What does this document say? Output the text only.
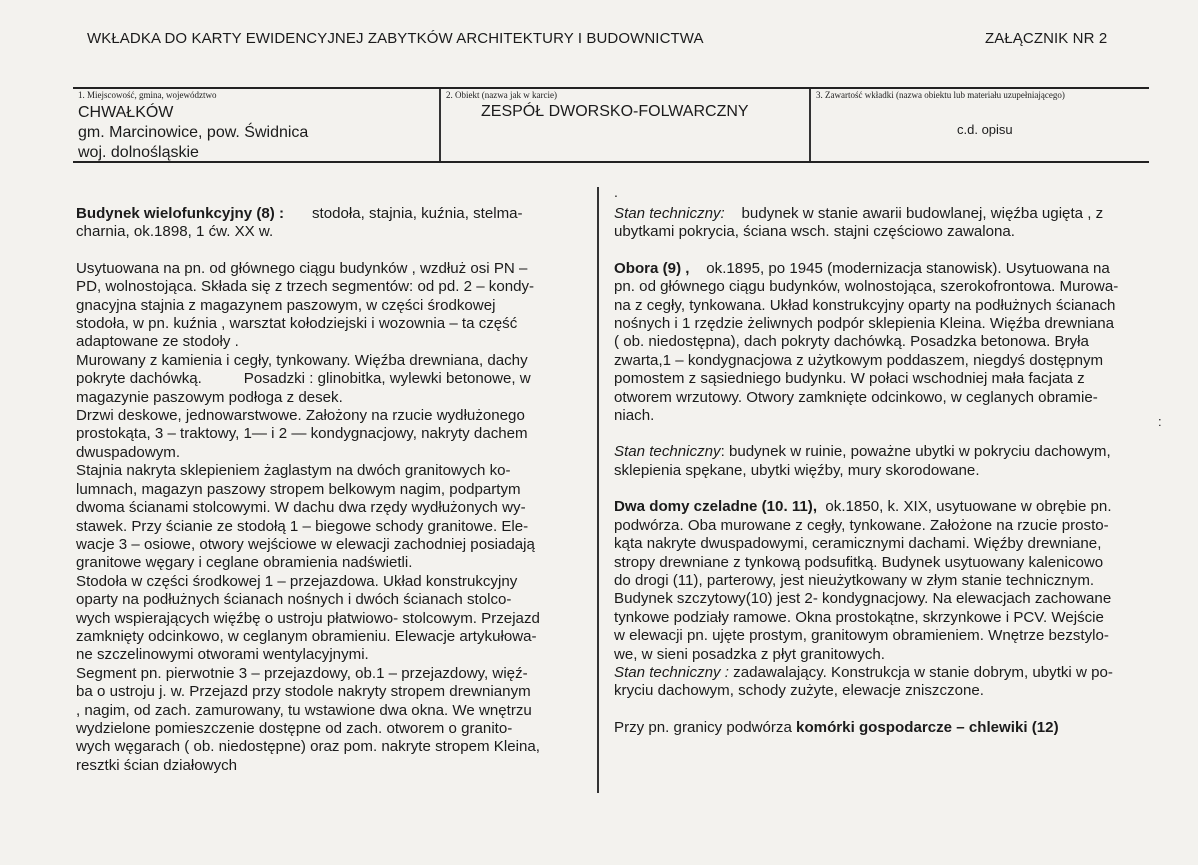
WKŁADKA DO KARTY EWIDENCYJNEJ ZABYTKÓW ARCHITEKTURY I BUDOWNICTWA	ZAŁĄCZNIK NR 2
1. Miejscowość, gmina, województwo
CHWAŁKÓW
gm. Marcinowice, pow. Świdnica
woj. dolnośląskie
2. Obiekt (nazwa jak w karcie)
ZESPÓŁ DWORSKO-FOLWARCZNY
3. Zawartość wkładki (nazwa obiektu lub materiału uzupełniającego)
c.d. opisu
.
:
Budynek wielofunkcyjny (8) : stodoła, stajnia, kuźnia, stelma-
charnia, ok.1898, 1 ćw. XX w.
Usytuowana na pn. od głównego ciągu budynków , wzdłuż osi PN –
PD, wolnostojąca. Składa się z trzech segmentów: od pd. 2 – kondy-
gnacyjna stajnia z magazynem paszowym, w części środkowej
stodoła, w pn. kuźnia , warsztat kołodziejski i wozownia – ta część
adaptowane ze stodoły .
Murowany z kamienia i cegły, tynkowany. Więźba drewniana, dachy
pokryte dachówką.          Posadzki : glinobitka, wylewki betonowe, w
magazynie paszowym podłoga z desek.
Drzwi deskowe, jednowarstwowe. Założony na rzucie wydłużonego
prostokąta, 3 – traktowy, 1— i 2 — kondygnacjowy, nakryty dachem
dwuspadowym.
Stajnia nakryta sklepieniem żaglastym na dwóch granitowych ko-
lumnach, magazyn paszowy stropem belkowym nagim, podpartym
dwoma ścianami stolcowymi. W dachu dwa rzędy wydłużonych wy-
stawek. Przy ścianie ze stodołą 1 – biegowe schody granitowe. Ele-
wacje 3 – osiowe, otwory wejściowe w elewacji zachodniej posiadają
granitowe węgary i ceglane obramienia nadświetli.
Stodoła w części środkowej 1 – przejazdowa. Układ konstrukcyjny
oparty na podłużnych ścianach nośnych i dwóch ścianach stolco-
wych wspierających więźbę o ustroju płatwiowo- stolcowym. Przejazd
zamknięty odcinkowo, w ceglanym obramieniu. Elewacje artykułowa-
ne szczelinowymi otworami wentylacyjnymi.
Segment pn. pierwotnie 3 – przejazdowy, ob.1 – przejazdowy, więź-
ba o ustroju j. w. Przejazd przy stodole nakryty stropem drewnianym
, nagim, od zach. zamurowany, tu wstawione dwa okna. We wnętrzu
wydzielone pomieszczenie dostępne od zach. otworem o granito-
wych węgarach ( ob. niedostępne) oraz pom. nakryte stropem Kleina,
resztki ścian działowych
Stan techniczny: budynek w stanie awarii budowlanej, więźba ugięta , z
ubytkami pokrycia, ściana wsch. stajni częściowo zawalona.
Obora (9) , ok.1895, po 1945 (modernizacja stanowisk). Usytuowana na
pn. od głównego ciągu budynków, wolnostojąca, szerokofrontowa. Murowa-
na z cegły, tynkowana. Układ konstrukcyjny oparty na podłużnych ścianach
nośnych i 1 rzędzie żeliwnych podpór sklepienia Kleina. Więźba drewniana
( ob. niedostępna), dach pokryty dachówką. Posadzka betonowa. Bryła
zwarta,1 – kondygnacjowa z użytkowym poddaszem, niegdyś dostępnym
pomostem z sąsiedniego budynku. W połaci wschodniej mała facjata z
otworem wrzutowy. Otwory zamknięte odcinkowo, w ceglanych obramie-
niach.
Stan techniczny: budynek w ruinie, poważne ubytki w pokryciu dachowym,
sklepienia spękane, ubytki więźby, mury skorodowane.
Dwa domy czeladne (10. 11), ok.1850, k. XIX, usytuowane w obrębie pn.
podwórza. Oba murowane z cegły, tynkowane. Założone na rzucie prosto-
kąta nakryte dwuspadowymi, ceramicznymi dachami. Więźby drewniane,
stropy drewniane z tynkową podsufitką. Budynek usytuowany kalenicowo
do drogi (11), parterowy, jest nieużytkowany w złym stanie technicznym.
Budynek szczytowy(10) jest 2- kondygnacjowy. Na elewacjach zachowane
tynkowe podziały ramowe. Okna prostokątne, skrzynkowe i PCV. Wejście
w elewacji pn. ujęte prostym, granitowym obramieniem. Wnętrze bezstylo-
we, w sieni posadzka z płyt granitowych.
Stan techniczny : zadawalający. Konstrukcja w stanie dobrym, ubytki w po-
kryciu dachowym, schody zużyte, elewacje zniszczone.
Przy pn. granicy podwórza komórki gospodarcze – chlewiki (12)
